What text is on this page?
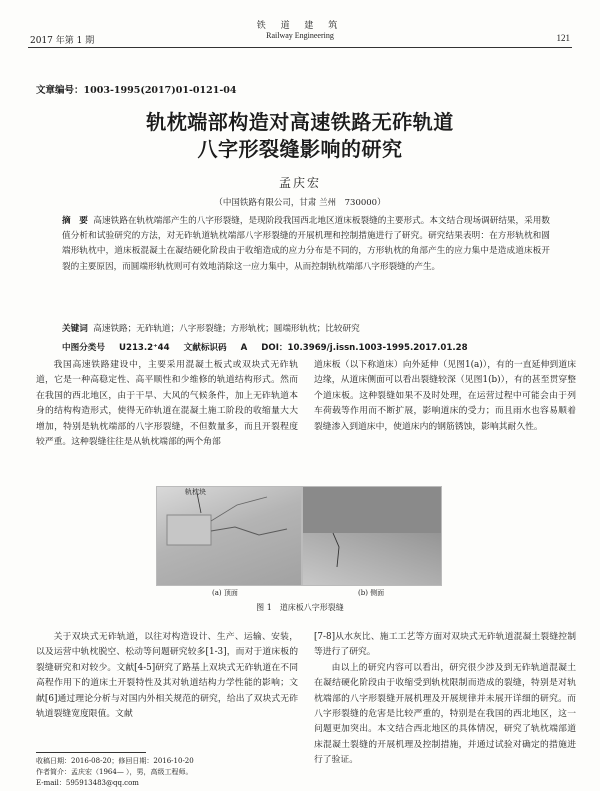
铁 道 建 筑
Railway Engineering
2017 年第 1 期	121
文章编号：1003-1995(2017)01-0121-04
轨枕端部构造对高速铁路无砟轨道
八字形裂缝影响的研究
孟庆宏
（中国铁路有限公司，甘肃 兰州　730000）
摘　要 高速铁路在轨枕端部产生的八字形裂缝，是现阶段我国西北地区道床板裂缝的主要形式。本文结合现场调研结果，采用数值分析和试验研究的方法，对无砟轨道轨枕端部八字形裂缝的开展机理和控制措施进行了研究。研究结果表明：在方形轨枕和圆端形轨枕中，道床板混凝土在凝结硬化阶段由于收缩造成的应力分布是不同的，方形轨枕的角部产生的应力集中是造成道床板开裂的主要原因，而圆端形轨枕则可有效地消除这一应力集中，从而控制轨枕端部八字形裂缝的产生。
关键词 高速铁路；无砟轨道；八字形裂缝；方形轨枕；圆端形轨枕；比较研究
中图分类号 U213.2⁺44 文献标识码 A DOI：10.3969/j.issn.1003-1995.2017.01.28

我国高速铁路建设中，主要采用混凝土板式或双块式无砟轨道，它是一种高稳定性、高平顺性和少维修的轨道结构形式。然而在我国的西北地区，由于干旱、大风的气候条件，加上无砟轨道本身的结构构造形式，使得无砟轨道在混凝土施工阶段的收缩量大大增加，特别是轨枕端部的八字形裂缝，不但数量多，而且开裂程度较严重。这种裂缝往往是从轨枕端部的两个角部

道床板（以下称道床）向外延伸（见图1(a)），有的一直延伸到道床边缘，从道床侧面可以看出裂缝较深（见图1(b)），有的甚至贯穿整个道床板。这种裂缝如果不及时处理，在运营过程中可能会由于列车荷载等作用而不断扩展，影响道床的受力；而且雨水也容易顺着裂缝渗入到道床中，使道床内的钢筋锈蚀，影响其耐久性。

轨枕块
(a) 顶面	(b) 侧面
图 1　道床板八字形裂缝

关于双块式无砟轨道，以往对构造设计、生产、运输、安装，以及运营中轨枕脱空、松动等问题研究较多[1-3]，而对于道床板的裂缝研究和对较少。文献[4-5]研究了路基上双块式无砟轨道在不同高程作用下的道床土开裂特性及其对轨道结构力学性能的影响；文献[6]通过理论分析与对国内外相关规范的研究，给出了双块式无砟轨道裂缝宽度限值。文献

[7-8]从水灰比、施工工艺等方面对双块式无砟轨道混凝土裂缝控制等进行了研究。

由以上的研究内容可以看出，研究很少涉及到无砟轨道混凝土在凝结硬化阶段由于收缩受到轨枕限制而造成的裂缝，特别是对轨枕端部的八字形裂缝开展机理及开展规律并未展开详细的研究。而八字形裂缝的危害是比较严重的，特别是在我国的西北地区，这一问题更加突出。本文结合西北地区的具体情况，研究了轨枕端部道床混凝土裂缝的开展机理及控制措施，并通过试验对确定的措施进行了验证。

收稿日期：2016-08-20；修回日期：2016-10-20
作者简介：孟庆宏（1964— ），男，高级工程师。
E-mail：595913483@qq.com
